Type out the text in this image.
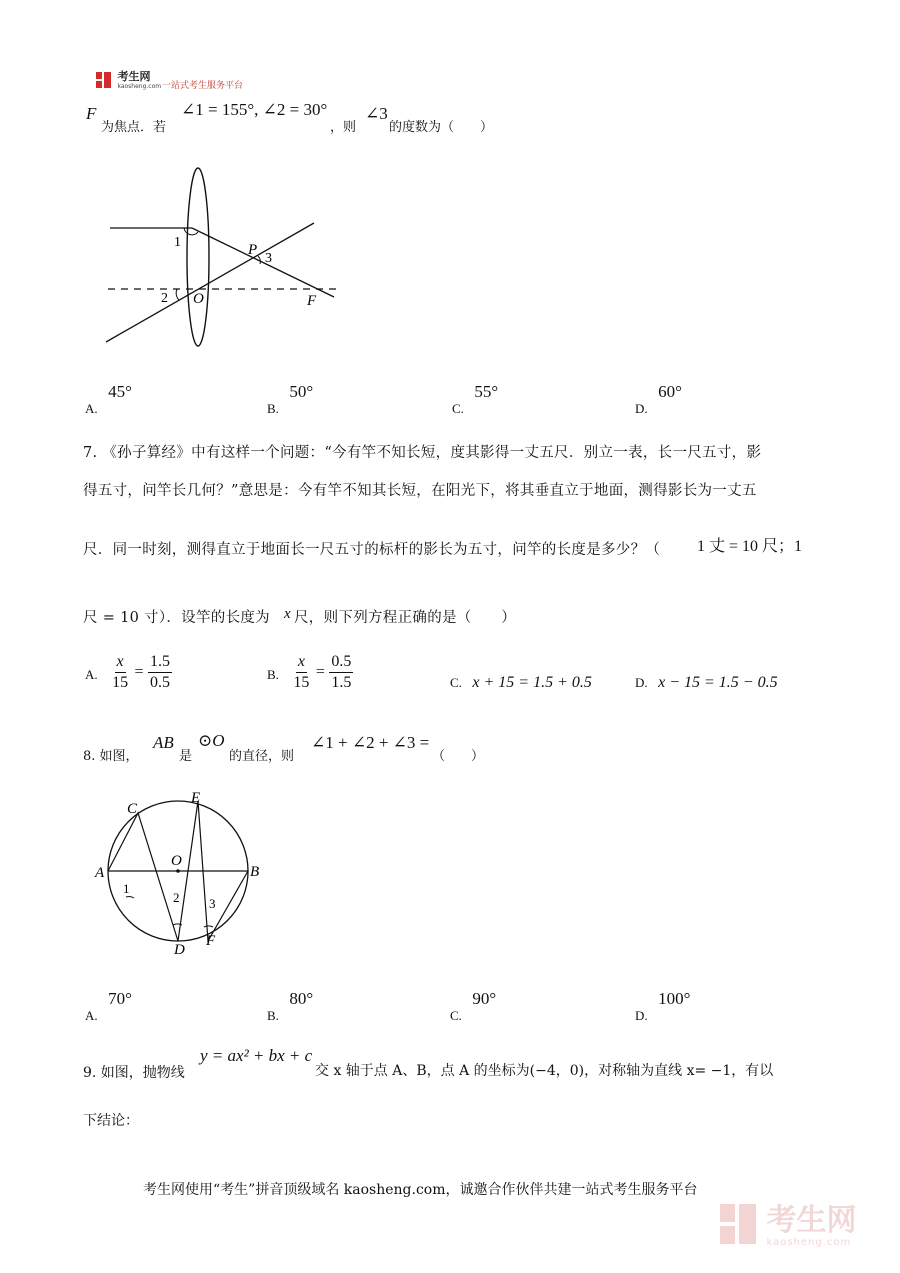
考生网
kaosheng.com 一站式考生服务平台
F
为焦点．若
∠1 = 155°, ∠2 = 30°
，则
∠3
的度数为（　　）
1
2
P
3
O	F
A. 45°
B. 50°
C. 55°
D. 60°
7. 《孙子算经》中有这样一个问题：“今有竿不知长短，度其影得一丈五尺．别立一表，长一尺五寸，影
得五寸，问竿长几何？”意思是：今有竿不知其长短，在阳光下，将其垂直立于地面，测得影长为一丈五
尺．同一时刻，测得直立于地面长一尺五寸的标杆的影长为五寸，问竿的长度是多少？（ 1 丈 = 10 尺；1
尺 = 10 寸）．设竿的长度为 x 尺，则下列方程正确的是（　　）
A. $\frac{x}{15} = \frac{1.5}{0.5}$	B. $\frac{x}{15} = \frac{0.5}{1.5}$	C. x + 15 = 1.5 + 0.5	D. x − 15 = 1.5 − 0.5
8. 如图，
AB
是
⊙O
的直径，则
∠1 + ∠2 + ∠3 =
（　　）
A	B
C
E
O
D
F
1
2 3
A. 70°
B. 80°
C. 90°
D. 100°
9. 如图，抛物线
y = ax² + bx + c
交 x 轴于点 A、B，点 A 的坐标为(−4，0)，对称轴为直线 x= −1，有以
下结论：
考生网使用“考生”拼音顶级域名 kaosheng.com，诚邀合作伙伴共建一站式考生服务平台

考生网
kaosheng.com
